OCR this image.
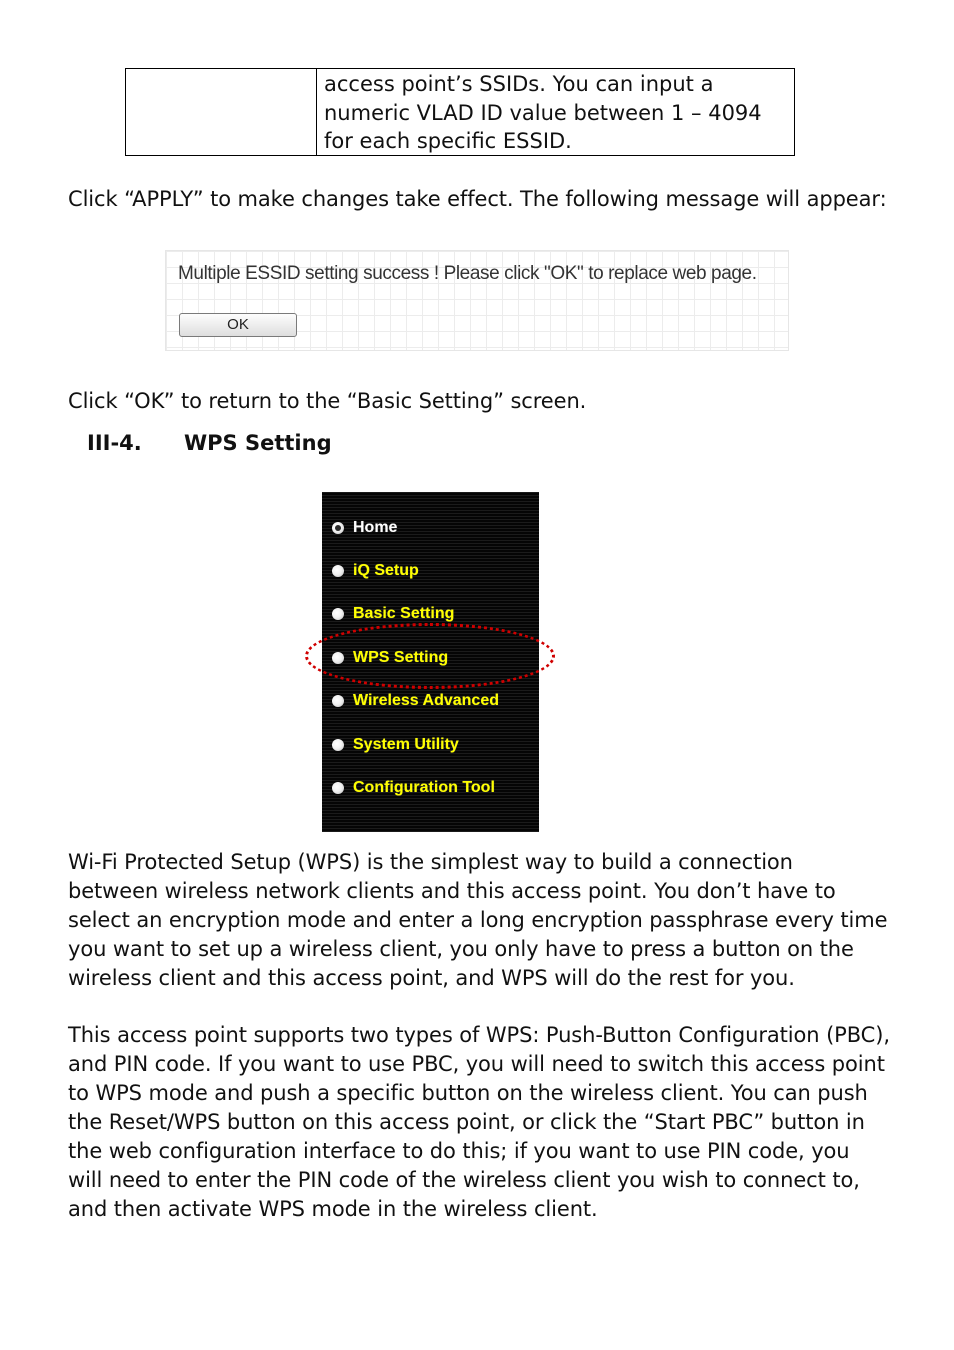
access point’s SSIDs. You can input a
numeric VLAD ID value between 1 – 4094
for each specific ESSID.
Click “APPLY” to make changes take effect. The following message will appear:
Multiple ESSID setting success ! Please click "OK" to replace web page.
OK
Click “OK” to return to the “Basic Setting” screen.
III-4. WPS Setting
Home
iQ Setup
Basic Setting
WPS Setting
Wireless Advanced
System Utility
Configuration Tool
Wi-Fi Protected Setup (WPS) is the simplest way to build a connection
between wireless network clients and this access point. You don’t have to
select an encryption mode and enter a long encryption passphrase every time
you want to set up a wireless client, you only have to press a button on the
wireless client and this access point, and WPS will do the rest for you.
This access point supports two types of WPS: Push-Button Configuration (PBC),
and PIN code. If you want to use PBC, you will need to switch this access point
to WPS mode and push a specific button on the wireless client. You can push
the Reset/WPS button on this access point, or click the “Start PBC” button in
the web configuration interface to do this; if you want to use PIN code, you
will need to enter the PIN code of the wireless client you wish to connect to,
and then activate WPS mode in the wireless client.
